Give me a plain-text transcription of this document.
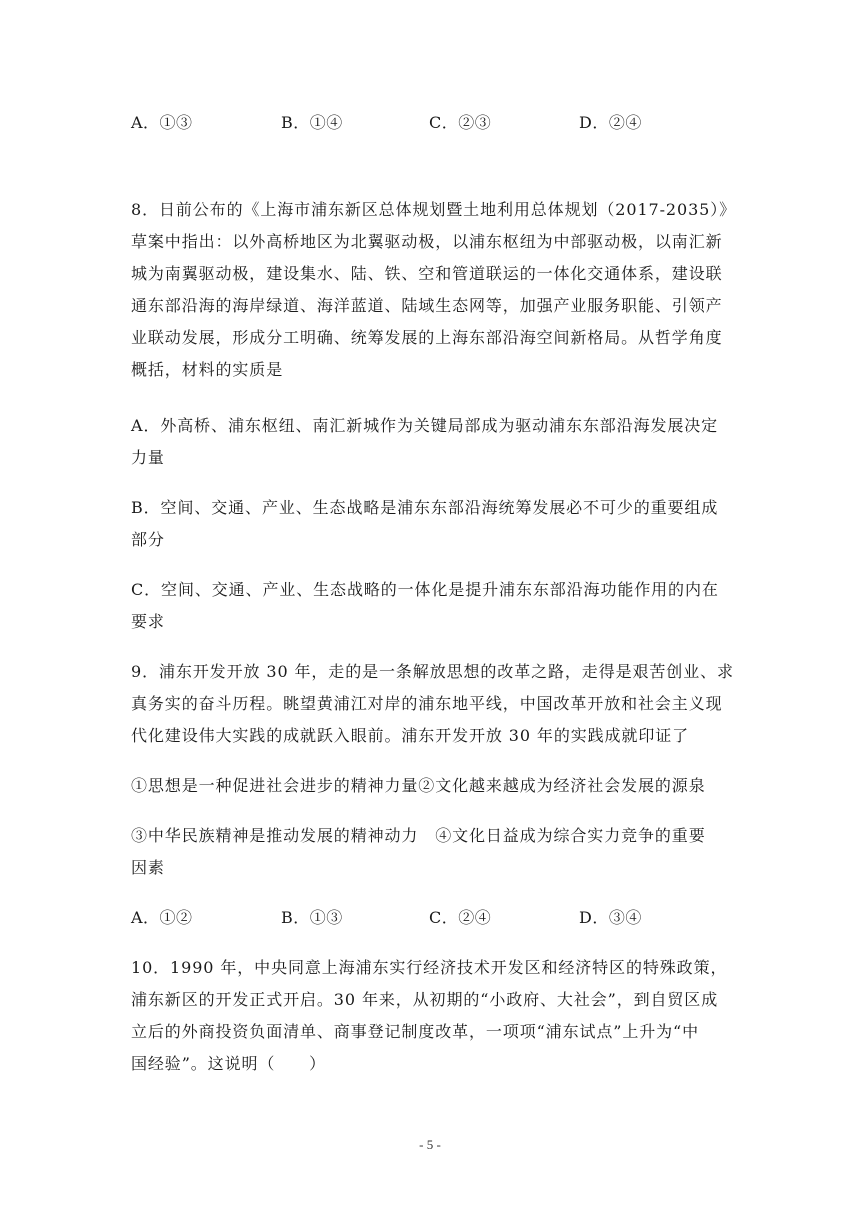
A．①③	B．①④	C．②③	D．②④
8．日前公布的《上海市浦东新区总体规划暨土地利用总体规划（2017-2035）》
草案中指出：以外高桥地区为北翼驱动极，以浦东枢纽为中部驱动极，以南汇新
城为南翼驱动极，建设集水、陆、铁、空和管道联运的一体化交通体系，建设联
通东部沿海的海岸绿道、海洋蓝道、陆域生态网等，加强产业服务职能、引领产
业联动发展，形成分工明确、统筹发展的上海东部沿海空间新格局。从哲学角度
概括，材料的实质是
A．外高桥、浦东枢纽、南汇新城作为关键局部成为驱动浦东东部沿海发展决定
力量
B．空间、交通、产业、生态战略是浦东东部沿海统筹发展必不可少的重要组成
部分
C．空间、交通、产业、生态战略的一体化是提升浦东东部沿海功能作用的内在
要求
9．浦东开发开放 30 年，走的是一条解放思想的改革之路，走得是艰苦创业、求
真务实的奋斗历程。眺望黄浦江对岸的浦东地平线，中国改革开放和社会主义现
代化建设伟大实践的成就跃入眼前。浦东开发开放 30 年的实践成就印证了
①思想是一种促进社会进步的精神力量②文化越来越成为经济社会发展的源泉
③中华民族精神是推动发展的精神动力　④文化日益成为综合实力竞争的重要
因素
A．①②	B．①③	C．②④	D．③④
10．1990 年，中央同意上海浦东实行经济技术开发区和经济特区的特殊政策，
浦东新区的开发正式开启。30 年来，从初期的“小政府、大社会”，到自贸区成
立后的外商投资负面清单、商事登记制度改革，一项项“浦东试点”上升为“中
国经验”。这说明（　　）
- 5 -
